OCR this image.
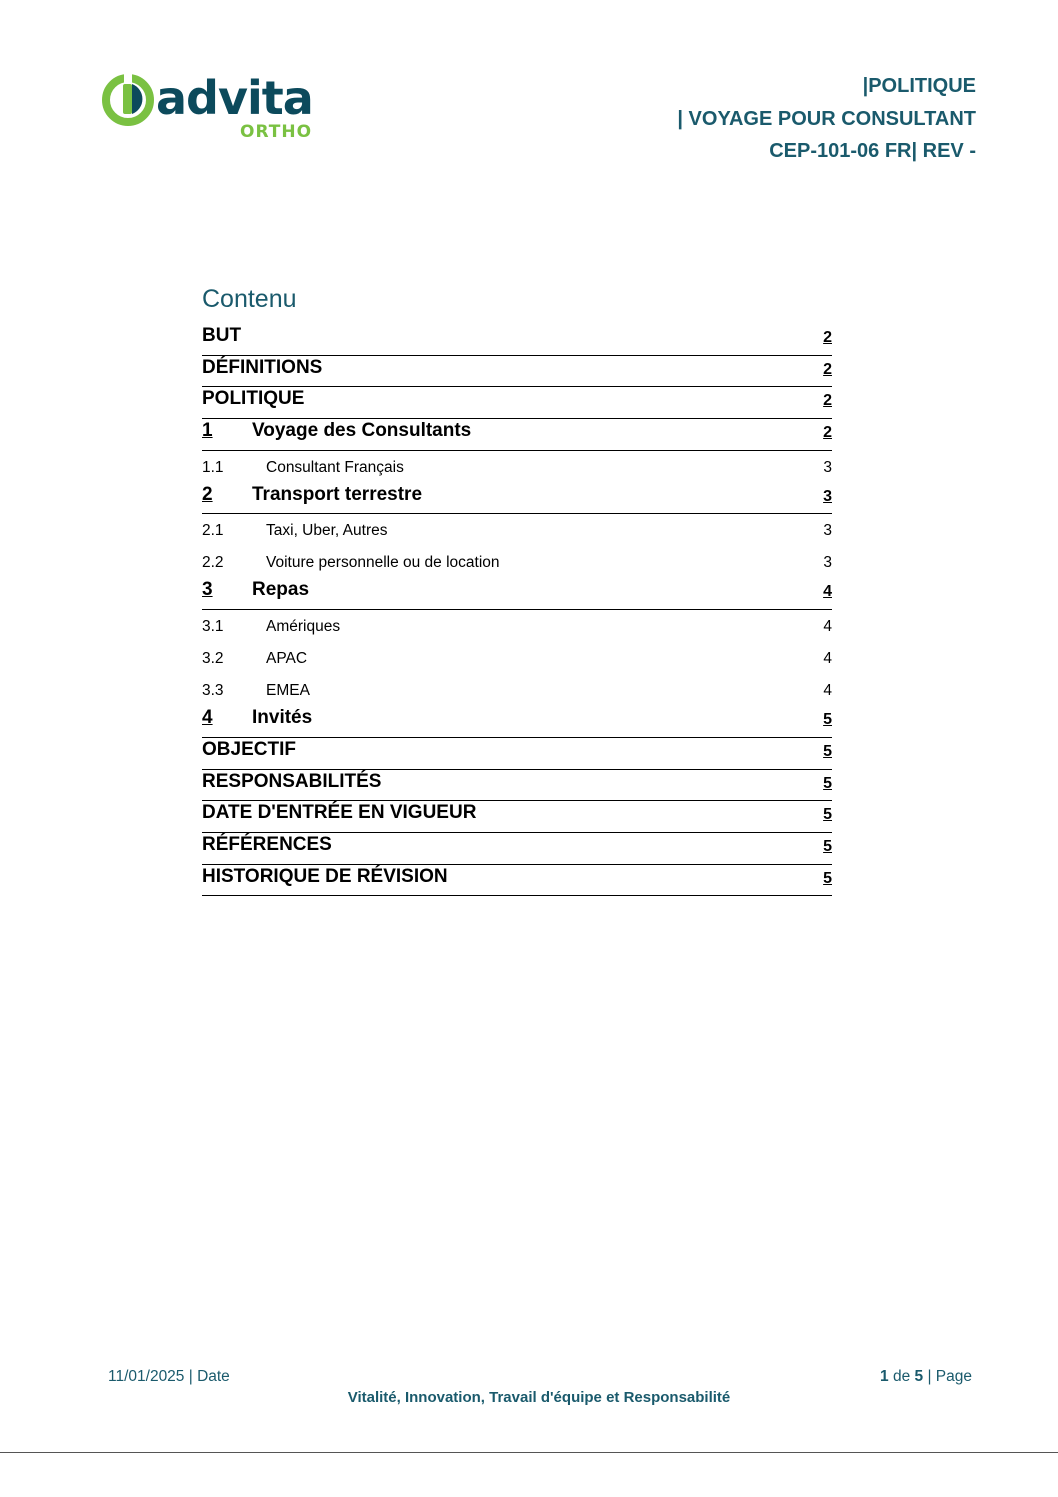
advita
ORTHO
|POLITIQUE
| VOYAGE POUR CONSULTANT
CEP-101-06 FR| REV -
Contenu
BUT	2
DÉFINITIONS	2
POLITIQUE	2
1 Voyage des Consultants	2
1.1	Consultant Français	3
2 Transport terrestre	3
2.1	Taxi, Uber, Autres	3
2.2	Voiture personnelle ou de location	3
3 Repas	4
3.1	Amériques	4
3.2	APAC	4
3.3	EMEA	4
4 Invités	5
OBJECTIF	5
RESPONSABILITÉS	5
DATE D'ENTRÉE EN VIGUEUR	5
RÉFÉRENCES	5
HISTORIQUE DE RÉVISION	5
11/01/2025 | Date	1 de 5 | Page
Vitalité, Innovation, Travail d'équipe et Responsabilité
